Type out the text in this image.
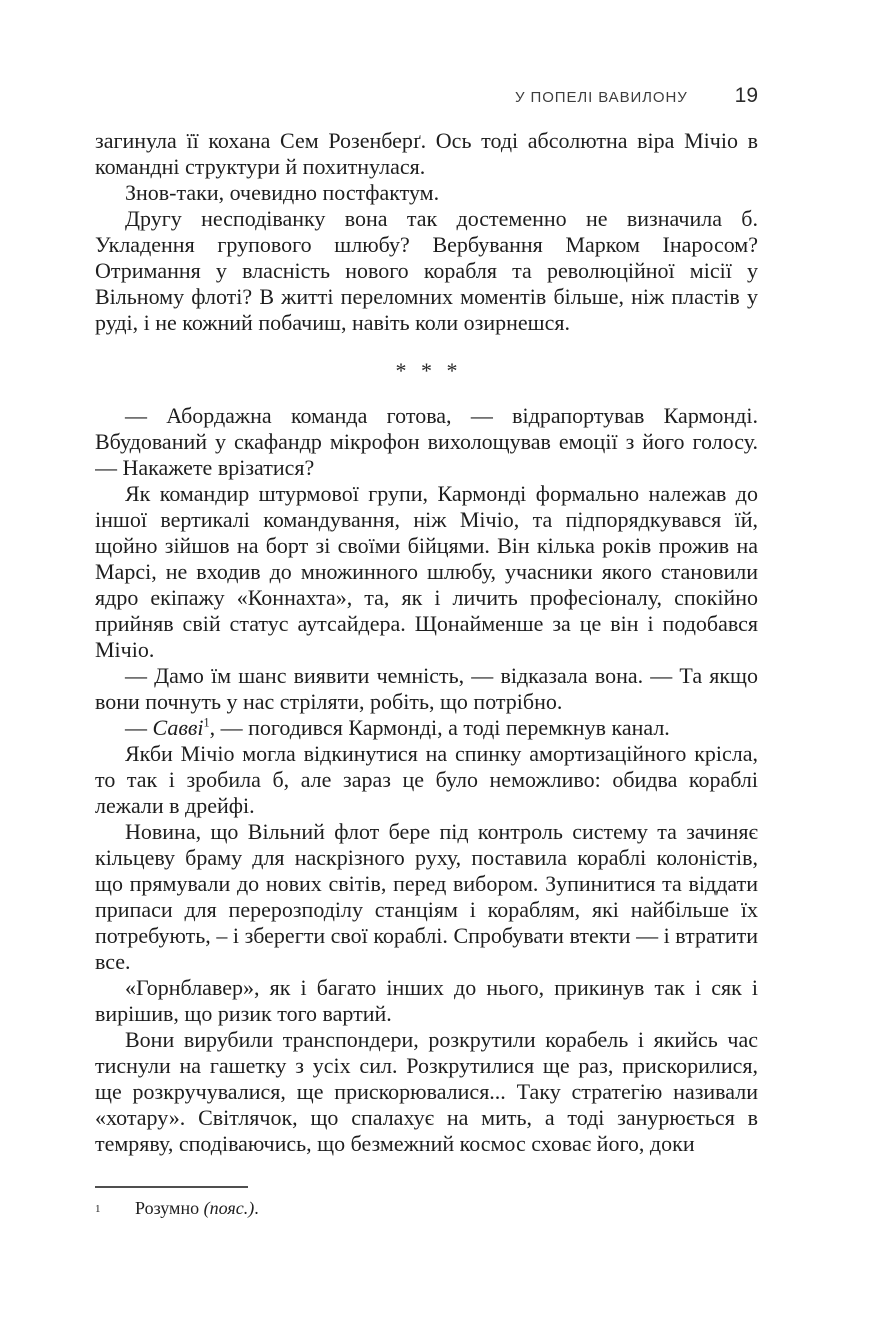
У ПОПЕЛІ ВАВИЛОНУ 19

загинула її кохана Сем Розенберґ. Ось тоді абсолютна віра Мічіо в командні структури й похитнулася.

Знов-таки, очевидно постфактум.

Другу несподіванку вона так достеменно не визначила б. Укладення групового шлюбу? Вербування Марком Інаросом? Отримання у власність нового корабля та революційної місії у Вільному флоті? В житті переломних моментів більше, ніж пластів у руді, і не кожний побачиш, навіть коли озирнешся.

* * *

— Абордажна команда готова, — відрапортував Кармонді. Вбудований у скафандр мікрофон вихолощував емоції з його голосу. — Накажете врізатися?

Як командир штурмової групи, Кармонді формально належав до іншої вертикалі командування, ніж Мічіо, та підпорядкувався їй, щойно зійшов на борт зі своїми бійцями. Він кілька років прожив на Марсі, не входив до множинного шлюбу, учасники якого становили ядро екіпажу «Коннахта», та, як і личить професіоналу, спокійно прийняв свій статус аутсайдера. Щонайменше за це він і подобався Мічіо.

— Дамо їм шанс виявити чемність, — відказала вона. — Та якщо вони почнуть у нас стріляти, робіть, що потрібно.

— Савві$^1$, — погодився Кармонді, а тоді перемкнув канал.

Якби Мічіо могла відкинутися на спинку амортизаційного крісла, то так і зробила б, але зараз це було неможливо: обидва кораблі лежали в дрейфі.

Новина, що Вільний флот бере під контроль систему та зачиняє кільцеву браму для наскрізного руху, поставила кораблі колоністів, що прямували до нових світів, перед вибором. Зупинитися та віддати припаси для перерозподілу станціям і кораблям, які найбільше їх потребують, – і зберегти свої кораблі. Спробувати втекти — і втратити все.

«Горнблавер», як і багато інших до нього, прикинув так і сяк і вирішив, що ризик того вартий.

Вони вирубили транспондери, розкрутили корабель і якийсь час тиснули на гашетку з усіх сил. Розкрутилися ще раз, прискорилися, ще розкручувалися, ще прискорювалися... Таку стратегію називали «хотару». Світлячок, що спалахує на мить, а тоді занурюється в темряву, сподіваючись, що безмежний космос сховає його, доки

1	Розумно (пояс.).
